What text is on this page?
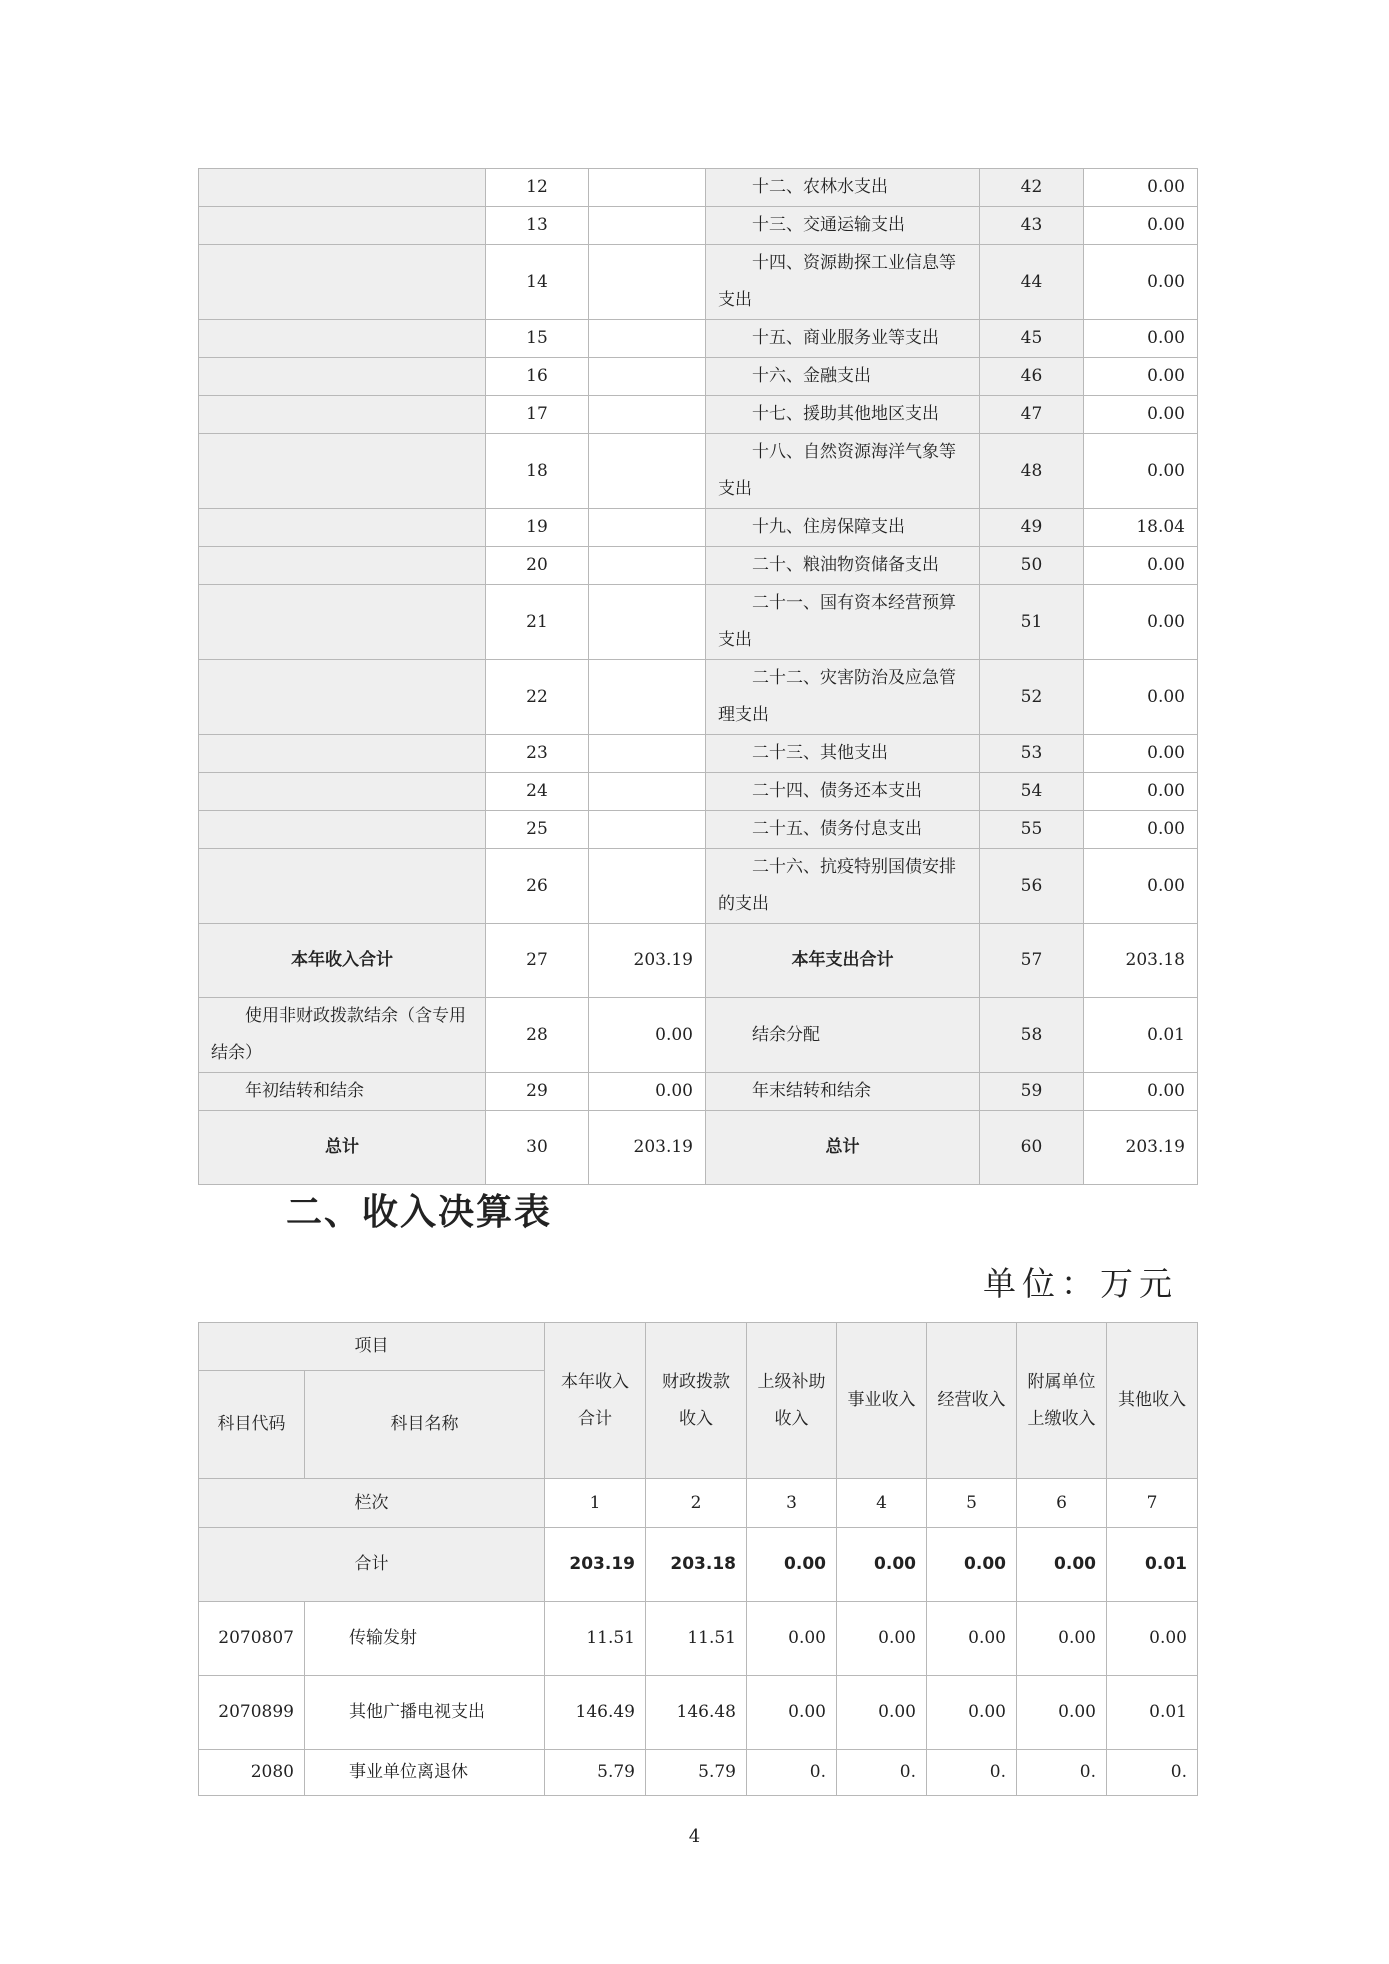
	12		十二、农林水支出	42	0.00
	13		十三、交通运输支出	43	0.00
	14		十四、资源勘探工业信息等支出	44	0.00
	15		十五、商业服务业等支出	45	0.00
	16		十六、金融支出	46	0.00
	17		十七、援助其他地区支出	47	0.00
	18		十八、自然资源海洋气象等支出	48	0.00
	19		十九、住房保障支出	49	18.04
	20		二十、粮油物资储备支出	50	0.00
	21		二十一、国有资本经营预算支出	51	0.00
	22		二十二、灾害防治及应急管理支出	52	0.00
	23		二十三、其他支出	53	0.00
	24		二十四、债务还本支出	54	0.00
	25		二十五、债务付息支出	55	0.00
	26		二十六、抗疫特别国债安排的支出	56	0.00
本年收入合计	27	203.19	本年支出合计	57	203.18
使用非财政拨款结余（含专用结余）	28	0.00	结余分配	58	0.01
年初结转和结余	29	0.00	年末结转和结余	59	0.00
总计	30	203.19	总计	60	203.19
二、收入决算表
单位：万元
项目		本年收入合计	财政拨款收入	上级补助收入	事业收入	经营收入	附属单位上缴收入	其他收入
科目代码	科目名称							
栏次		1	2	3	4	5	6	7
合计		203.19	203.18	0.00	0.00	0.00	0.00	0.01
2070807	传输发射	11.51	11.51	0.00	0.00	0.00	0.00	0.00
2070899	其他广播电视支出	146.49	146.48	0.00	0.00	0.00	0.00	0.01
2080	事业单位离退休	5.79	5.79	0.	0.	0.	0.	0.
4
